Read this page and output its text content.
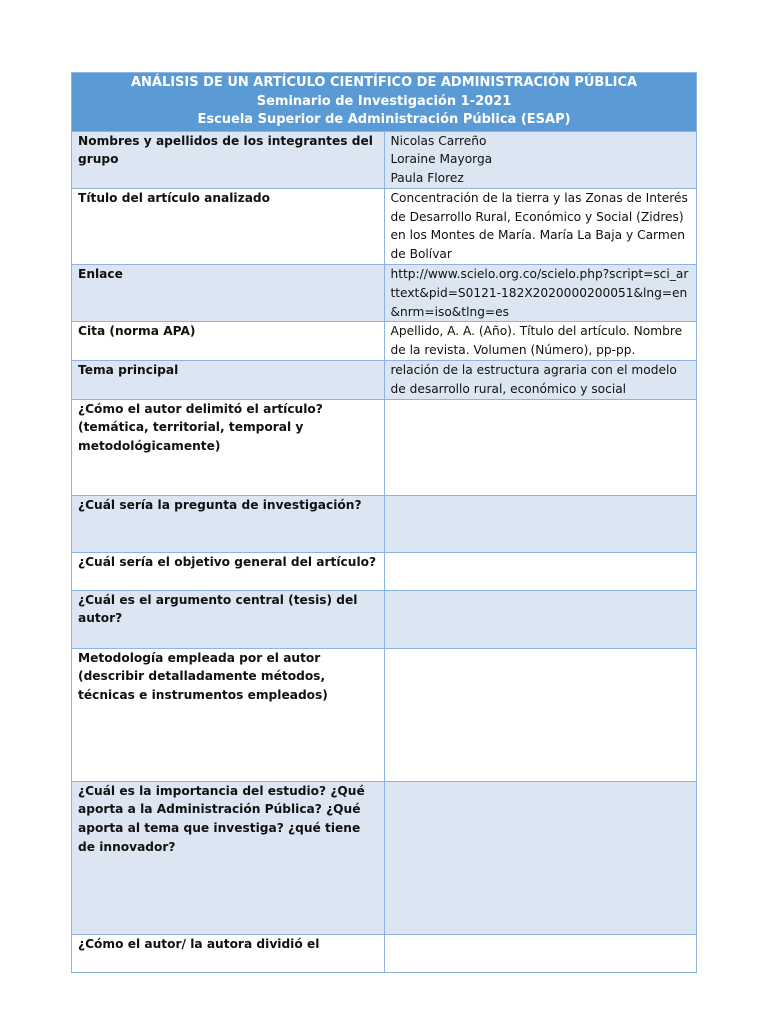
ANÁLISIS DE UN ARTÍCULO CIENTÍFICO DE ADMINISTRACIÓN PÚBLICA
Seminario de Investigación 1-2021
Escuela Superior de Administración Pública (ESAP)	

Nombres y apellidos de los integrantes del grupo	Nicolas Carreño
Loraine Mayorga
Paula Florez

Título del artículo analizado	Concentración de la tierra y las Zonas de Interés de Desarrollo Rural, Económico y Social (Zidres) en los Montes de María. María La Baja y Carmen de Bolívar

Enlace	http://www.scielo.org.co/scielo.php?script=sci_arttext&pid=S0121-182X2020000200051&lng=en&nrm=iso&tlng=es

Cita (norma APA)	Apellido, A. A. (Año). Título del artículo. Nombre de la revista. Volumen (Número), pp-pp.

Tema principal	relación de la estructura agraria con el modelo de desarrollo rural, económico y social

¿Cómo el autor delimitó el artículo? (temática, territorial, temporal y metodológicamente)	
¿Cuál sería la pregunta de investigación?	
¿Cuál sería el objetivo general del artículo?	
¿Cuál es el argumento central (tesis) del autor?	
Metodología empleada por el autor (describir detalladamente métodos, técnicas e instrumentos empleados)	
¿Cuál es la importancia del estudio? ¿Qué aporta a la Administración Pública? ¿Qué aporta al tema que investiga? ¿qué tiene de innovador?	
¿Cómo el autor/ la autora dividió el	
